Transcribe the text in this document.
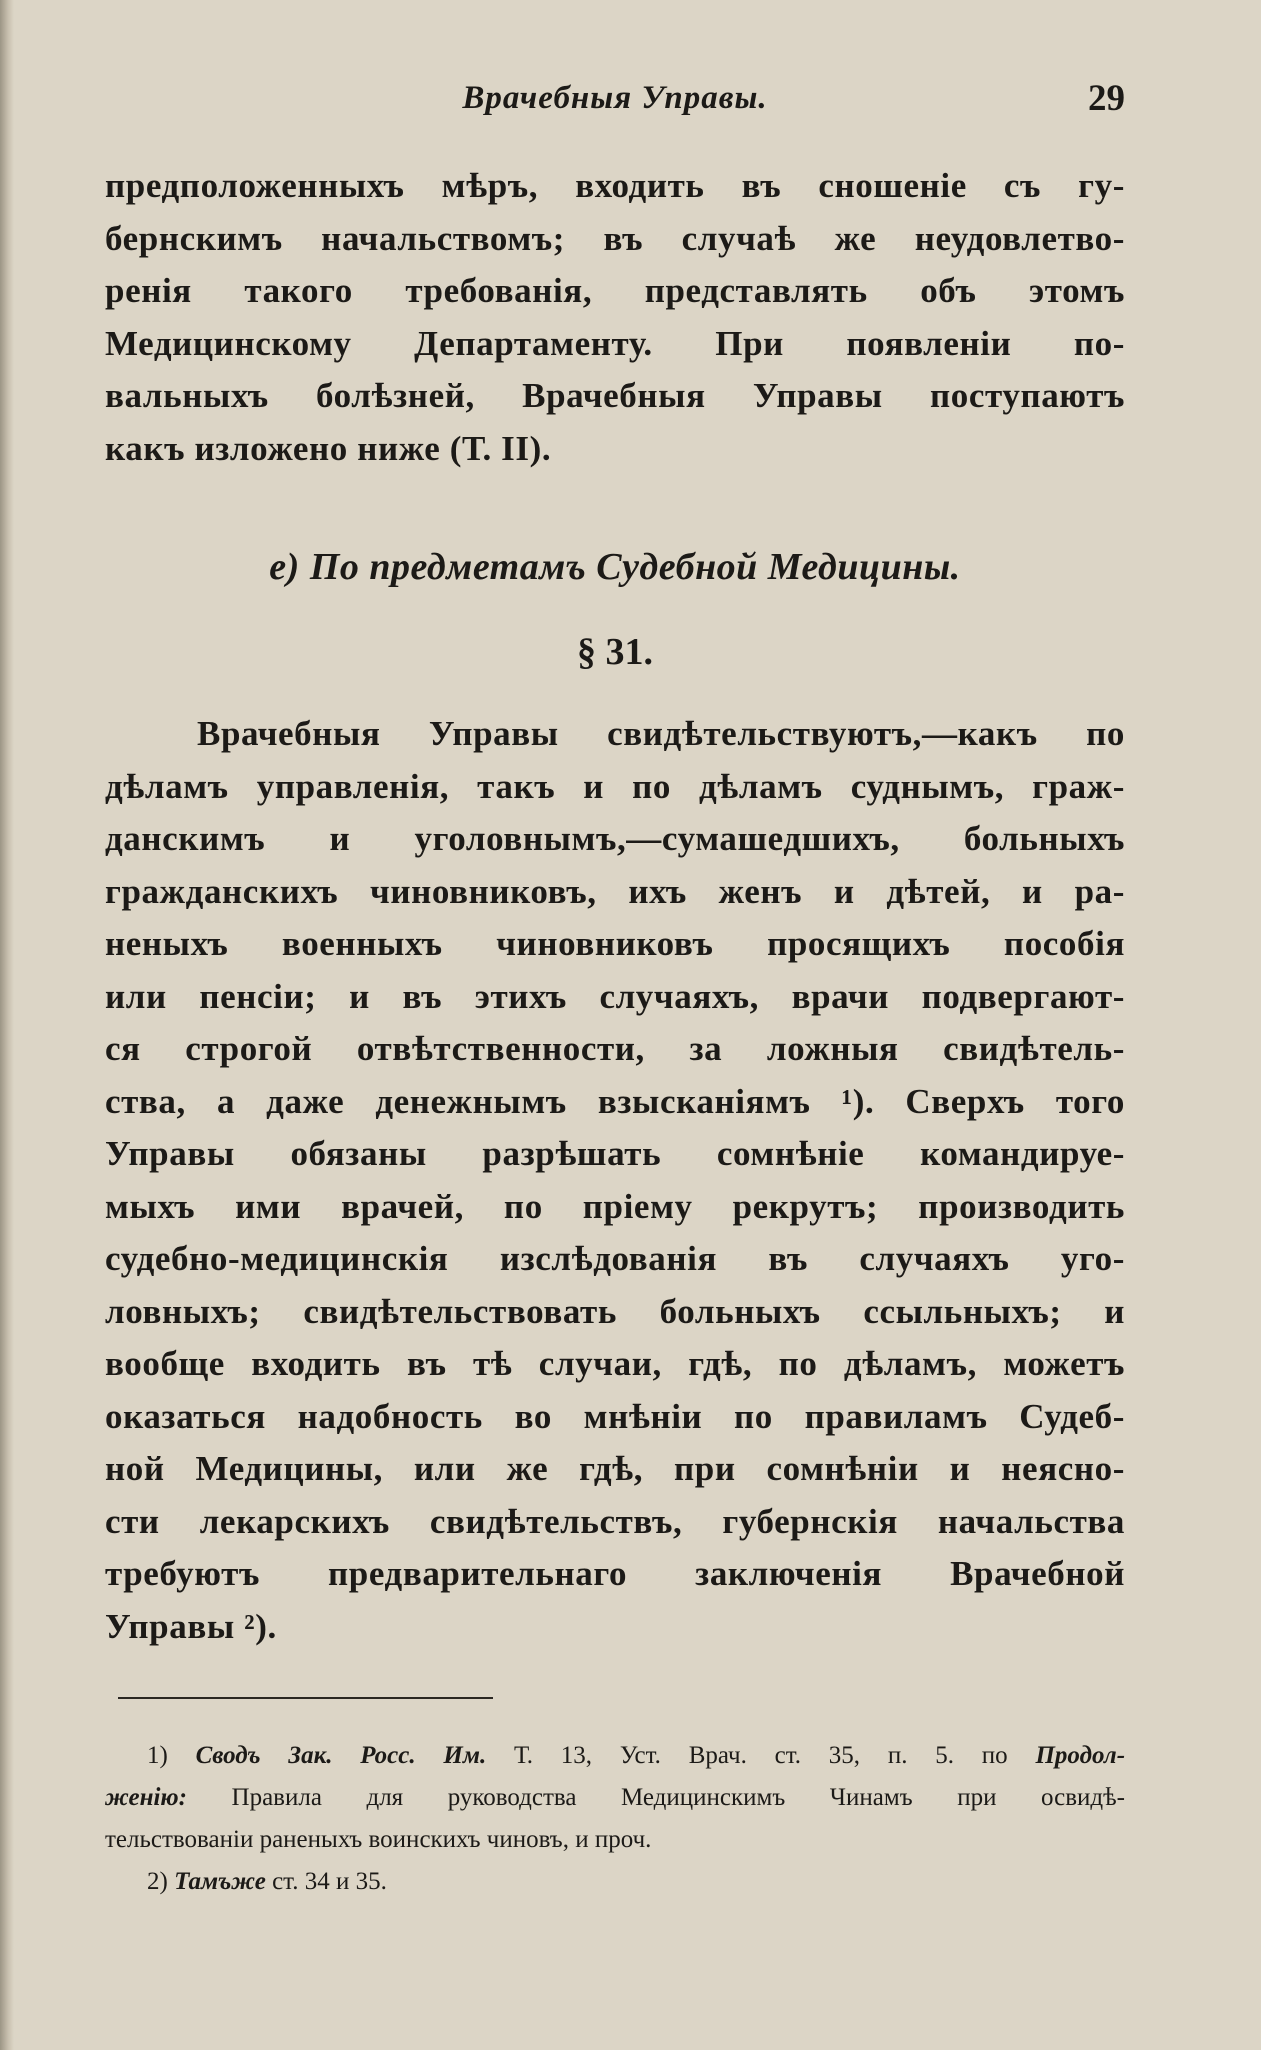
Врачебныя Управы.	29
предположенныхъ мѣръ, входить въ сношеніе съ гу-
бернскимъ начальствомъ; въ случаѣ же неудовлетво-
ренія такого требованія, представлять объ этомъ
Медицинскому Департаменту. При появленіи по-
вальныхъ болѣзней, Врачебныя Управы поступаютъ
какъ изложено ниже (Т. II).
е) По предметамъ Судебной Медицины.
§ 31.
Врачебныя Управы свидѣтельствуютъ,—какъ по
дѣламъ управленія, такъ и по дѣламъ суднымъ, граж-
данскимъ и уголовнымъ,—сумашедшихъ, больныхъ
гражданскихъ чиновниковъ, ихъ женъ и дѣтей, и ра-
неныхъ военныхъ чиновниковъ просящихъ пособія
или пенсіи; и въ этихъ случаяхъ, врачи подвергают-
ся строгой отвѣтственности, за ложныя свидѣтель-
ства, а даже денежнымъ взысканіямъ ¹). Сверхъ того
Управы обязаны разрѣшать сомнѣніе командируе-
мыхъ ими врачей, по пріему рекрутъ; производить
судебно-медицинскія изслѣдованія въ случаяхъ уго-
ловныхъ; свидѣтельствовать больныхъ ссыльныхъ; и
вообще входить въ тѣ случаи, гдѣ, по дѣламъ, можетъ
оказаться надобность во мнѣніи по правиламъ Судеб-
ной Медицины, или же гдѣ, при сомнѣніи и неясно-
сти лекарскихъ свидѣтельствъ, губернскія начальства
требуютъ предварительнаго заключенія Врачебной
Управы ²).
1) Сводъ Зак. Росс. Им. Т. 13, Уст. Врач. ст. 35, п. 5. по Продол-
женію: Правила для руководства Медицинскимъ Чинамъ при освидѣ-
тельствованіи раненыхъ воинскихъ чиновъ, и проч.
2) Тамъже ст. 34 и 35.
